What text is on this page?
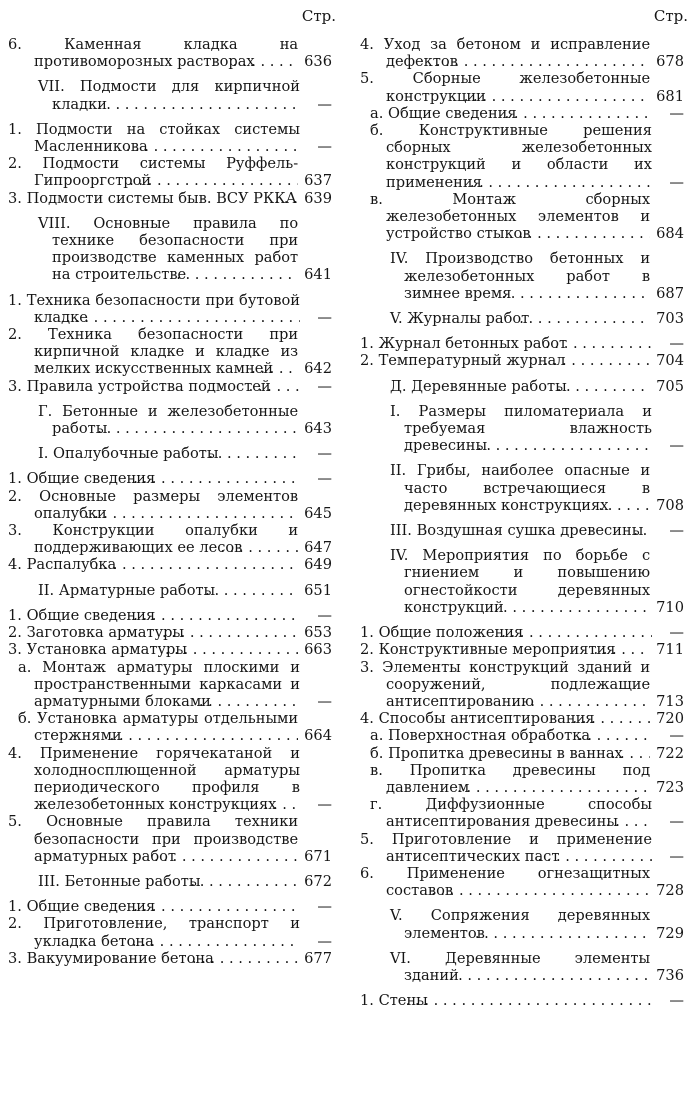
Стр.
6. Каменная кладка на противоморозных растворах . . .	636
VII. Подмости для кирпичной кладки . . .	—
1. Подмости на стойках системы Масленникова . . .	—
2. Подмости системы Руффель-Гипрооргстрой . . .	637
3. Подмости системы быв. ВСУ РККА . . . 639
VIII. Основные правила по технике безопасности при производстве каменных работ на строительстве . . .	641
1. Техника безопасности при бутовой кладке . . .	—
2. Техника безопасности при кирпичной кладке и кладке из мелких искусственных камней . . .	642
3. Правила устройства подмостей . . .	—
Г. Бетонные и железобетонные работы . . .	643
I. Опалубочные работы . . .	—
1. Общие сведения . . .	—
2. Основные размеры элементов опалубки . . .	645
3. Конструкции опалубки и поддерживающих ее лесов . . .	647
4. Распалубка . . .	649
II. Арматурные работы . . .	651
1. Общие сведения . . .	—
2. Заготовка арматуры . . .	653
3. Установка арматуры . . .	663
а. Монтаж арматуры плоскими и пространственными каркасами и арматурными блоками . . .	—
б. Установка арматуры отдельными стержнями . . .	664
4. Применение горячекатаной и холодносплющенной арматуры периодического профиля в железобетонных конструкциях . . .	—
5. Основные правила техники безопасности при производстве арматурных работ . . .	671
III. Бетонные работы . . .	672
1. Общие сведения . . .	—
2. Приготовление, транспорт и укладка бетона . . .	—
3. Вакуумирование бетона . . .	677
Стр.
4. Уход за бетоном и исправление дефектов . . .	678
5. Сборные железобетонные конструкции . . .	681
а. Общие сведения . . .	—
б. Конструктивные решения сборных железобетонных конструкций и области их применения . . .	—
в. Монтаж сборных железобетонных элементов и устройство стыков . . .	684
IV. Производство бетонных и железобетонных работ в зимнее время . . .	687
V. Журналы работ . . .	703
1. Журнал бетонных работ . . .	—
2. Температурный журнал . . .	704
Д. Деревянные работы . . .	705
I. Размеры пиломатериала и требуемая влажность древесины . . .	—
II. Грибы, наиболее опасные и часто встречающиеся в деревянных конструкциях . . .	708
III. Воздушная сушка древесины . . .	—
IV. Мероприятия по борьбе с гниением и повышению огнестойкости деревянных конструкций . . .	710
1. Общие положения . . .	—
2. Конструктивные мероприятия . . .	711
3. Элементы конструкций зданий и сооружений, подлежащие антисептированию . . .	713
4. Способы антисептирования . . .	720
а. Поверхностная обработка . . .	—
б. Пропитка древесины в ваннах . . .	722
в. Пропитка древесины под давлением . . .	723
г. Диффузионные способы антисептирования древесины . . .	—
5. Приготовление и применение антисептических паст . . .	—
6. Применение огнезащитных составов . . .	728
V. Сопряжения деревянных элементов . . .	729
VI. Деревянные элементы зданий . . .	736
1. Стены . . .	—
